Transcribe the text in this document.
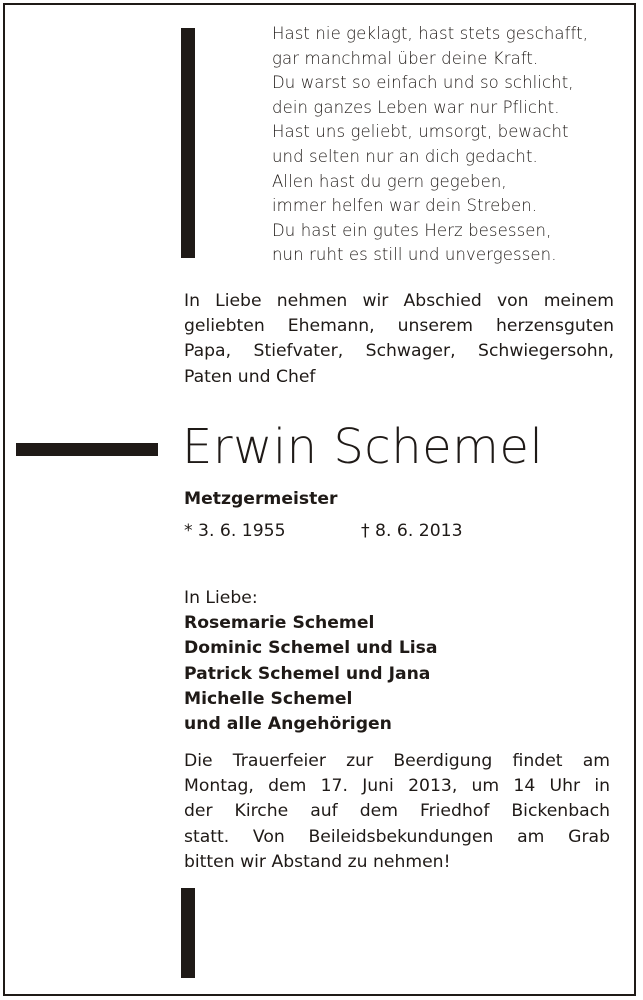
Hast nie geklagt, hast stets geschafft,
gar manchmal über deine Kraft.
Du warst so einfach und so schlicht,
dein ganzes Leben war nur Pflicht.
Hast uns geliebt, umsorgt, bewacht
und selten nur an dich gedacht.
Allen hast du gern gegeben,
immer helfen war dein Streben.
Du hast ein gutes Herz besessen,
nun ruht es still und unvergessen.
In Liebe nehmen wir Abschied von meinem
geliebten Ehemann, unserem herzensguten
Papa, Stiefvater, Schwager, Schwiegersohn,
Paten und Chef
Erwin Schemel
Metzgermeister
* 3. 6. 1955	† 8. 6. 2013
In Liebe:
Rosemarie Schemel
Dominic Schemel und Lisa
Patrick Schemel und Jana
Michelle Schemel
und alle Angehörigen
Die Trauerfeier zur Beerdigung findet am
Montag, dem 17. Juni 2013, um 14 Uhr in
der Kirche auf dem Friedhof Bickenbach
statt. Von Beileidsbekundungen am Grab
bitten wir Abstand zu nehmen!
